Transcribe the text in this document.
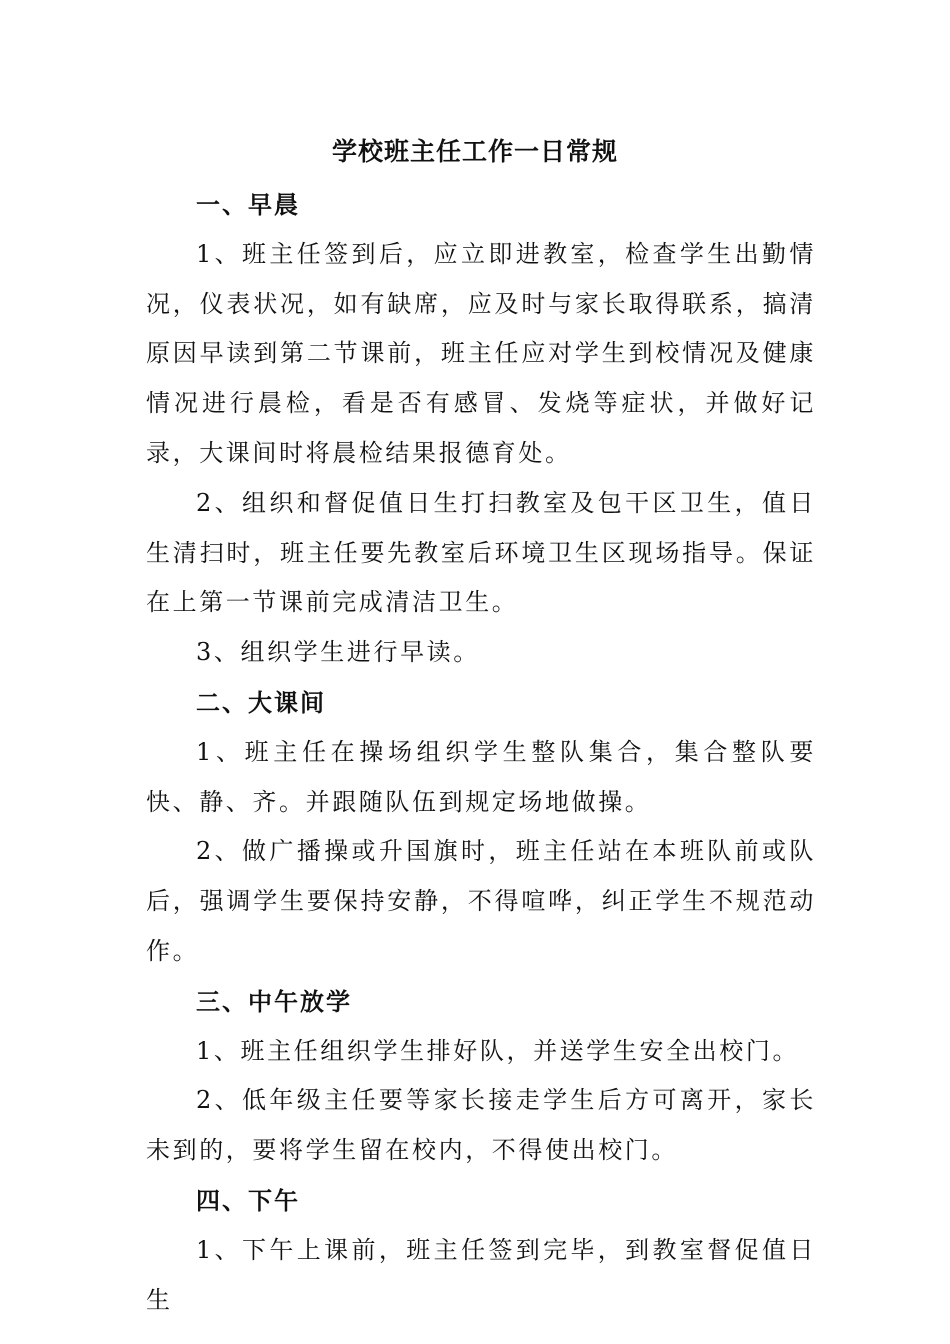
学校班主任工作一日常规

一、早晨

1、班主任签到后，应立即进教室，检查学生出勤情况，仪表状况，如有缺席，应及时与家长取得联系，搞清原因早读到第二节课前，班主任应对学生到校情况及健康情况进行晨检，看是否有感冒、发烧等症状，并做好记录，大课间时将晨检结果报德育处。

2、组织和督促值日生打扫教室及包干区卫生，值日生清扫时，班主任要先教室后环境卫生区现场指导。保证在上第一节课前完成清洁卫生。

3、组织学生进行早读。

二、大课间

1、班主任在操场组织学生整队集合，集合整队要快、静、齐。并跟随队伍到规定场地做操。

2、做广播操或升国旗时，班主任站在本班队前或队后，强调学生要保持安静，不得喧哗，纠正学生不规范动作。

三、中午放学

1、班主任组织学生排好队，并送学生安全出校门。

2、低年级主任要等家长接走学生后方可离开，家长未到的，要将学生留在校内，不得使出校门。

四、下午

1、下午上课前，班主任签到完毕，到教室督促值日生
